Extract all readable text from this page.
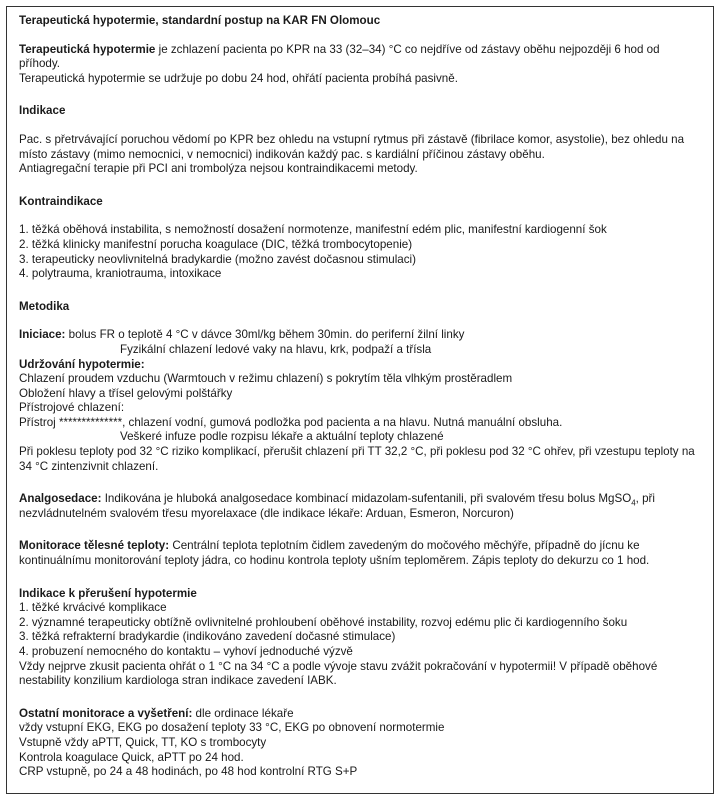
Terapeutická hypotermie, standardní postup na KAR FN Olomouc

Terapeutická hypotermie je zchlazení pacienta po KPR na 33 (32–34) °C co nejdříve od zástavy oběhu nejpozději 6 hod od příhody.

Terapeutická hypotermie se udržuje po dobu 24 hod, ohřátí pacienta probíhá pasivně.

Indikace

Pac. s přetrvávající poruchou vědomí po KPR bez ohledu na vstupní rytmus při zástavě (fibrilace komor, asystolie), bez ohledu na místo zástavy (mimo nemocnici, v nemocnici) indikován každý pac. s kardiální příčinou zástavy oběhu.

Antiagregační terapie při PCI ani trombolýza nejsou kontraindikacemi metody.

Kontraindikace

1. těžká oběhová instabilita, s nemožností dosažení normotenze, manifestní edém plic, manifestní kardiogenní šok

2. těžká klinicky manifestní porucha koagulace (DIC, těžká trombocytopenie)

3. terapeuticky neovlivnitelná bradykardie (možno zavést dočasnou stimulaci)

4. polytrauma, kraniotrauma, intoxikace

Metodika

Iniciace: bolus FR o teplotě 4 °C v dávce 30ml/kg během 30min. do periferní žilní linky

Fyzikální chlazení ledové vaky na hlavu, krk, podpaží a třísla

Udržování hypotermie:

Chlazení proudem vzduchu (Warmtouch v režimu chlazení) s pokrytím těla vlhkým prostěradlem

Obložení hlavy a třísel gelovými polštářky

Přístrojové chlazení:

Přístroj **************, chlazení vodní, gumová podložka pod pacienta a na hlavu. Nutná manuální obsluha.

Veškeré infuze podle rozpisu lékaře a aktuální teploty chlazené

Při poklesu teploty pod 32 °C riziko komplikací, přerušit chlazení při TT 32,2 °C, při poklesu pod 32 °C ohřev, při vzestupu teploty na 34 °C zintenzivnit chlazení.

Analgosedace: Indikována je hluboká analgosedace kombinací midazolam-sufentanili, při svalovém třesu bolus MgSO$_4$, při nezvládnutelném svalovém třesu myorelaxace (dle indikace lékaře: Arduan, Esmeron, Norcuron)

Monitorace tělesné teploty: Centrální teplota teplotním čidlem zavedeným do močového měchýře, případně do jícnu ke kontinuálnímu monitorování teploty jádra, co hodinu kontrola teploty ušním teploměrem. Zápis teploty do dekurzu co 1 hod.

Indikace k přerušení hypotermie

1. těžké krvácivé komplikace

2. významné terapeuticky obtížně ovlivnitelné prohloubení oběhové instability, rozvoj edému plic či kardiogenního šoku

3. těžká refrakterní bradykardie (indikováno zavedení dočasné stimulace)

4. probuzení nemocného do kontaktu – vyhoví jednoduché výzvě

Vždy nejprve zkusit pacienta ohřát o 1 °C na 34 °C a podle vývoje stavu zvážit pokračování v hypotermii! V případě oběhové nestability konzilium kardiologa stran indikace zavedení IABK.

Ostatní monitorace a vyšetření: dle ordinace lékaře

vždy vstupní EKG, EKG po dosažení teploty 33 °C, EKG po obnovení normotermie

Vstupně vždy aPTT, Quick, TT, KO s trombocyty

Kontrola koagulace Quick, aPTT po 24 hod.

CRP vstupně, po 24 a 48 hodinách, po 48 hod kontrolní RTG S+P
